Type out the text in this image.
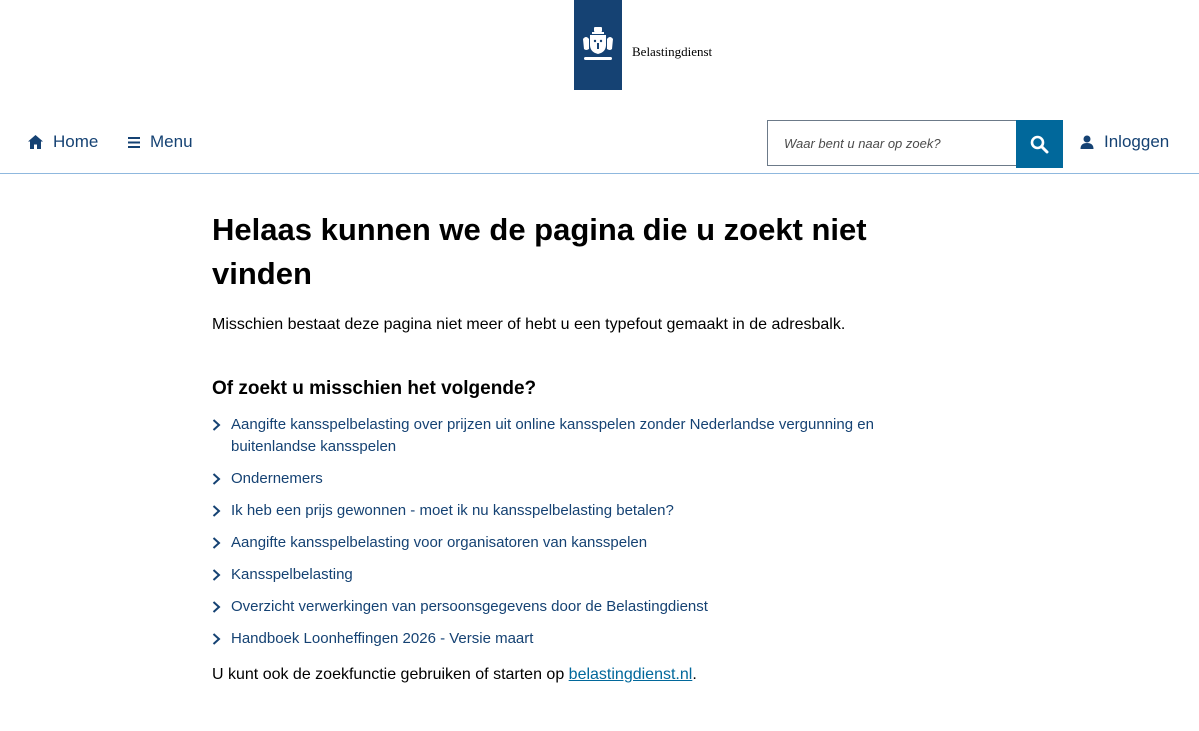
Belastingdienst
Home	Menu
Waar bent u naar op zoek?	Inloggen
Helaas kunnen we de pagina die u zoekt niet vinden

Misschien bestaat deze pagina niet meer of hebt u een typefout gemaakt in de adresbalk.

Of zoekt u misschien het volgende?
Aangifte kansspelbelasting over prijzen uit online kansspelen zonder Nederlandse vergunning en buitenlandse kansspelen
Ondernemers
Ik heb een prijs gewonnen - moet ik nu kansspelbelasting betalen?
Aangifte kansspelbelasting voor organisatoren van kansspelen
Kansspelbelasting
Overzicht verwerkingen van persoonsgegevens door de Belastingdienst
Handboek Loonheffingen 2026 - Versie maart

U kunt ook de zoekfunctie gebruiken of starten op belastingdienst.nl.
